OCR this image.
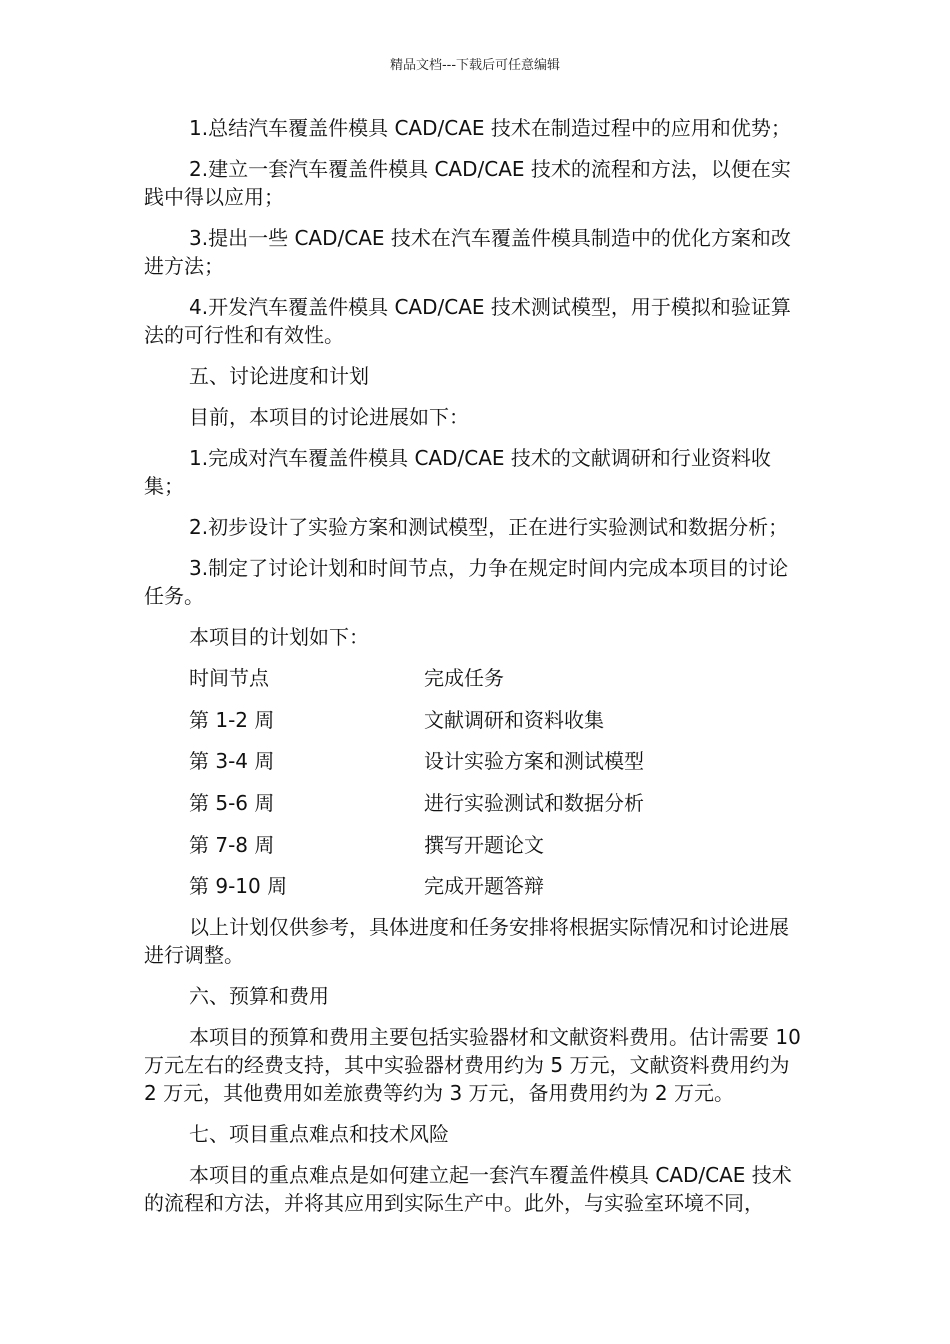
精品文档---下载后可任意编辑

1.总结汽车覆盖件模具 CAD/CAE 技术在制造过程中的应用和优势；

2.建立一套汽车覆盖件模具 CAD/CAE 技术的流程和方法，以便在实践中得以应用；

3.提出一些 CAD/CAE 技术在汽车覆盖件模具制造中的优化方案和改进方法；

4.开发汽车覆盖件模具 CAD/CAE 技术测试模型，用于模拟和验证算法的可行性和有效性。

五、讨论进度和计划

目前，本项目的讨论进展如下：

1.完成对汽车覆盖件模具 CAD/CAE 技术的文献调研和行业资料收集；

2.初步设计了实验方案和测试模型，正在进行实验测试和数据分析；

3.制定了讨论计划和时间节点，力争在规定时间内完成本项目的讨论任务。

本项目的计划如下：

时间节点	完成任务
第 1-2 周	文献调研和资料收集
第 3-4 周	设计实验方案和测试模型
第 5-6 周	进行实验测试和数据分析
第 7-8 周	撰写开题论文
第 9-10 周	完成开题答辩

以上计划仅供参考，具体进度和任务安排将根据实际情况和讨论进展进行调整。

六、预算和费用

本项目的预算和费用主要包括实验器材和文献资料费用。估计需要 10 万元左右的经费支持，其中实验器材费用约为 5 万元，文献资料费用约为 2 万元，其他费用如差旅费等约为 3 万元，备用费用约为 2 万元。

七、项目重点难点和技术风险

本项目的重点难点是如何建立起一套汽车覆盖件模具 CAD/CAE 技术的流程和方法，并将其应用到实际生产中。此外，与实验室环境不同，
